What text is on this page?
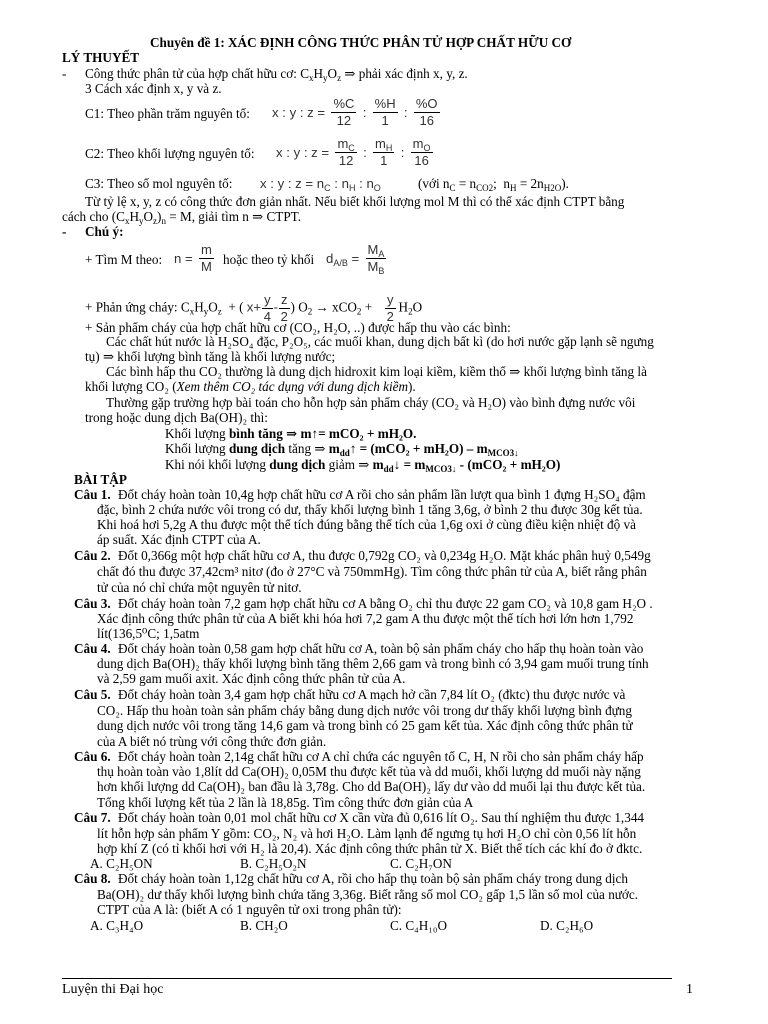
Chuyên đề 1: XÁC ĐỊNH CÔNG THỨC PHÂN TỬ HỢP CHẤT HỮU CƠ
LÝ THUYẾT
- Công thức phân tử của hợp chất hữu cơ: $C_xH_yO_z$ ⇒ phải xác định x, y, z.
3 Cách xác định x, y và z.
C1: Theo phần trăm nguyên tố: x : y : $z = \frac{\%C}{12}$ : $\frac{\%H}{1}$ : $\frac{\%O}{16}$
C2: Theo khối lượng nguyên tố: x : y : $z = \frac{m_C}{12}$ : $\frac{m_H}{1}$ : $\frac{m_O}{16}$
C3: Theo số mol nguyên tố: x : y : $z = n_C$ : $n_H$ : $n_O$	(với $n_C = n_{CO2}$;  $n_H = 2n_{H2O}$).
Từ tỷ lệ x, y, z có công thức đơn giản nhất. Nếu biết khối lượng mol M thì có thể xác định CTPT bằng
cách cho $(C_xH_yO_z)_n = M$, giải tìm n ⇒ CTPT.
- Chú ý:
+ Tìm M theo: $n = \frac{m}{M}$ hoặc theo tỷ khối $d_{A/B} = \frac{M_A}{M_B}$
+ Phản ứng cháy: $C_xH_yO_z$  + ( $x+ \frac{y}{4} - \frac{z}{2}$ ) $O_2 \to xCO_2 + \frac{y}{2} H_2O$
+ Sản phẩm cháy của hợp chất hữu cơ (CO₂, H₂O, ..) được hấp thu vào các bình:
Các chất hút nước là H₂SO₄ đặc, P₂O₅, các muối khan, dung dịch bất kì (do hơi nước gặp lạnh sẽ ngưng
tụ) ⇒ khối lượng bình tăng là khối lượng nước;
Các bình hấp thu CO₂ thường là dung dịch hidroxit kim loại kiềm, kiềm thổ ⇒ khối lượng bình tăng là
khối lượng CO₂ (Xem thêm CO₂ tác dụng với dung dịch kiềm).
Thường gặp trường hợp bài toán cho hỗn hợp sản phẩm cháy (CO₂ và H₂O) vào bình đựng nước vôi
trong hoặc dung dịch Ba(OH)₂ thì:
Khối lượng bình tăng ⇒ m↑= mCO₂ + mH₂O.
Khối lượng dung dịch tăng ⇒ $m_{dd}↑ = (mCO_2 + mH_2O) - m_{MCO3↓}$
Khi nói khối lượng dung dịch giảm ⇒ $m_{dd}↓ = m_{MCO3↓} - (mCO_2 + mH_2O)$
BÀI TẬP
Câu 1. Đốt cháy hoàn toàn 10,4g hợp chất hữu cơ A rồi cho sản phẩm lần lượt qua bình 1 đựng H₂SO₄ đậm
đặc, bình 2 chứa nước vôi trong có dư, thấy khối lượng bình 1 tăng 3,6g, ở bình 2 thu được 30g kết tủa.
Khi hoá hơi 5,2g A thu được một thể tích đúng bằng thể tích của 1,6g oxi ở cùng điều kiện nhiệt độ và
áp suất. Xác định CTPT của A.
Câu 2. Đốt 0,366g một hợp chất hữu cơ A, thu được 0,792g CO₂ và 0,234g H₂O. Mặt khác phân huỷ 0,549g
chất đó thu được 37,42cm³ nitơ (đo ở 27°C và 750mmHg). Tìm công thức phân tử của A, biết rằng phân
tử của nó chỉ chứa một nguyên tử nitơ.
Câu 3. Đốt cháy hoàn toàn 7,2 gam hợp chất hữu cơ A bằng O₂ chỉ thu được 22 gam CO₂ và 10,8 gam H₂O .
Xác định công thức phân tử của A biết khi hóa hơi 7,2 gam A thu được một thể tích hơi lớn hơn 1,792
lít(136,5⁰C; 1,5atm
Câu 4. Đốt cháy hoàn toàn 0,58 gam hợp chất hữu cơ A, toàn bộ sản phẩm cháy cho hấp thụ hoàn toàn vào
dung dịch Ba(OH)₂ thấy khối lượng bình tăng thêm 2,66 gam và trong bình có 3,94 gam muối trung tính
và 2,59 gam muối axit. Xác định công thức phân tử của A.
Câu 5. Đốt cháy hoàn toàn 3,4 gam hợp chất hữu cơ A mạch hở cần 7,84 lít O₂ (đktc) thu được nước và
CO₂. Hấp thu hoàn toàn sản phẩm cháy bằng dung dịch nước vôi trong dư thấy khối lượng bình đựng
dung dịch nước vôi trong tăng 14,6 gam và trong bình có 25 gam kết tủa. Xác định công thức phân tử
của A biết nó trùng với công thức đơn giản.
Câu 6. Đốt cháy hoàn toàn 2,14g chất hữu cơ A chỉ chứa các nguyên tố C, H, N rồi cho sản phẩm cháy hấp
thụ hoàn toàn vào 1,8lít dd Ca(OH)₂ 0,05M thu được kết tủa và dd muối, khối lượng dd muối này nặng
hơn khối lượng dd Ca(OH)₂ ban đầu là 3,78g. Cho dd Ba(OH)₂ lấy dư vào dd muối lại thu được kết tủa.
Tổng khối lượng kết tủa 2 lần là 18,85g. Tìm công thức đơn giản của A
Câu 7. Đốt cháy hoàn toàn 0,01 mol chất hữu cơ X cần vừa đủ 0,616 lít O₂. Sau thí nghiệm thu được 1,344
lít hỗn hợp sản phẩm Y gồm: CO₂, N₂ và hơi H₂O. Làm lạnh để ngưng tụ hơi H₂O chỉ còn 0,56 lít hỗn
hợp khí Z (có tỉ khối hơi với H₂ là 20,4). Xác định công thức phân tử X. Biết thể tích các khí đo ở đktc.
A. C₂H₅ON	B. C₂H₅O₂N	C. C₂H₇ON
Câu 8. Đốt cháy hoàn toàn 1,12g chất hữu cơ A, rồi cho hấp thụ toàn bộ sản phẩm cháy trong dung dịch
Ba(OH)₂ dư thấy khối lượng bình chứa tăng 3,36g. Biết rằng số mol CO₂ gấp 1,5 lần số mol của nước.
CTPT của A là: (biết A có 1 nguyên tử oxi trong phân tử):
A. C₃H₄O	B. CH₂O	C. C₄H₁₀O	D. C₂H₆O
Luyện thi Đại học	1
